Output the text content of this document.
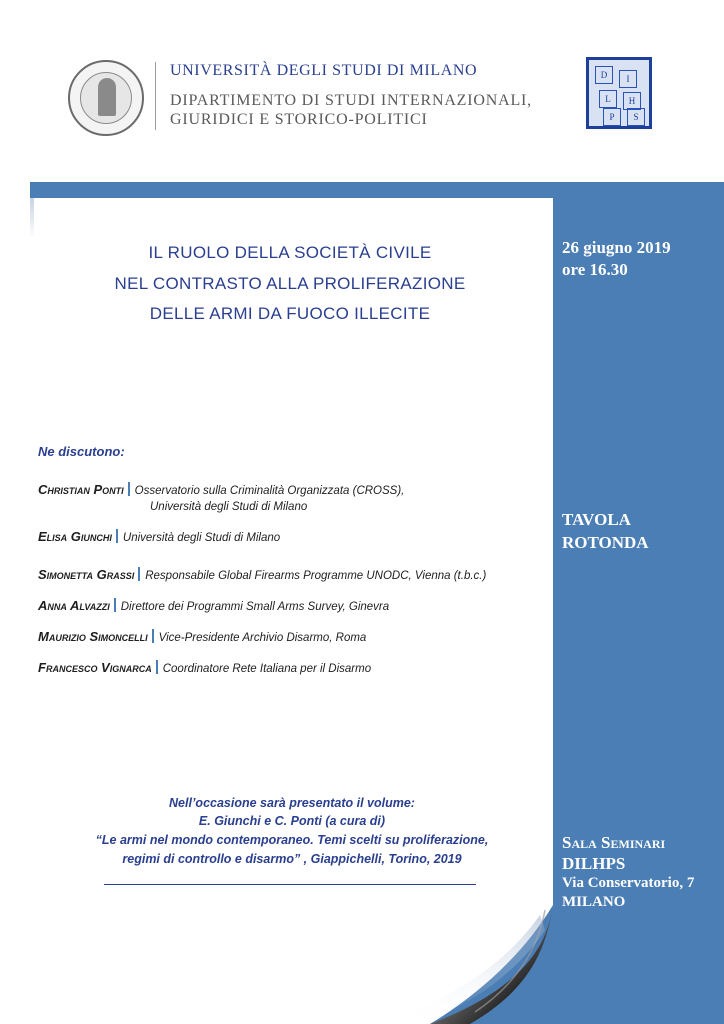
UNIVERSITÀ DEGLI STUDI DI MILANO
DIPARTIMENTO DI STUDI INTERNAZIONALI,
GIURIDICI E STORICO-POLITICI
D	I
L	H
P	S
IL RUOLO DELLA SOCIETÀ CIVILE
NEL CONTRASTO ALLA PROLIFERAZIONE
DELLE ARMI DA FUOCO ILLECITE
26 giugno 2019
ore 16.30
TAVOLA
ROTONDA
Sala Seminari
DILHPS
Via Conservatorio, 7
MILANO
Ne discutono:
Christian Ponti Osservatorio sulla Criminalità Organizzata (CROSS),
Università degli Studi di Milano
Elisa Giunchi Università degli Studi di Milano
Simonetta Grassi Responsabile Global Firearms Programme UNODC, Vienna (t.b.c.)
Anna Alvazzi Direttore dei Programmi Small Arms Survey, Ginevra
Maurizio Simoncelli Vice-Presidente Archivio Disarmo, Roma
Francesco Vignarca Coordinatore Rete Italiana per il Disarmo
Nell’occasione sarà presentato il volume:
E. Giunchi e C. Ponti (a cura di)
“Le armi nel mondo contemporaneo. Temi scelti su proliferazione,
regimi di controllo e disarmo” , Giappichelli, Torino, 2019
